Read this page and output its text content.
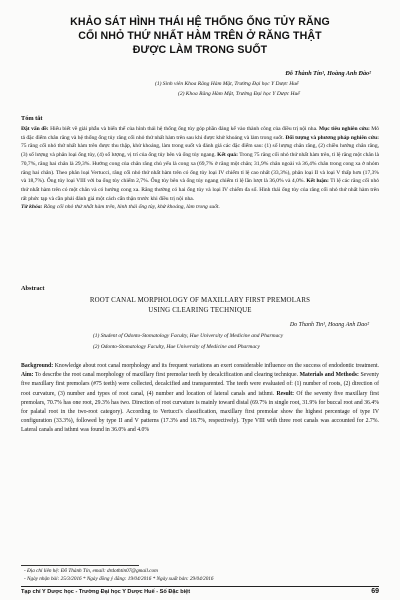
KHẢO SÁT HÌNH THÁI HỆ THỐNG ỐNG TỦY RĂNG
CỐI NHỎ THỨ NHẤT HÀM TRÊN Ở RĂNG THẬT
ĐƯỢC LÀM TRONG SUỐT
Đỗ Thành Tín¹, Hoàng Anh Đào²
(1) Sinh viên Khoa Răng Hàm Mặt, Trường Đại học Y Dược Huế
(2) Khoa Răng Hàm Mặt, Trường Đại học Y Dược Huế
Tóm tắt
Đặt vấn đề: Hiểu biết về giải phẫu và biến thể của hình thái hệ thống ống tủy góp phần đáng kể vào thành công của điều trị nội nha. Mục tiêu nghiên cứu: Mô tả đặc điểm chân răng và hệ thống ống tủy răng cối nhỏ thứ nhất hàm trên sau khi được khử khoáng và làm trong suốt. Đối tượng và phương pháp nghiên cứu: 75 răng cối nhỏ thứ nhất hàm trên được thu thập, khử khoáng, làm trong suốt và đánh giá các đặc điểm sau: (1) số lượng chân răng, (2) chiều hướng chân răng, (3) số lượng và phân loại ống tủy, (4) số lượng, vị trí của ống tủy bên và ống tủy ngang. Kết quả: Trong 75 răng cối nhỏ thứ nhất hàm trên, tỉ lệ răng một chân là 70,7%, răng hai chân là 29,3%. Hướng cong của chân răng chủ yếu là cong xa (69,7% ở răng một chân; 31,9% chân ngoài và 36,4% chân trong cong xa ở nhóm răng hai chân). Theo phân loại Vertucci, răng cối nhỏ thứ nhất hàm trên có ống tủy loại IV chiếm tỉ lệ cao nhất (33,3%), phân loại II và loại V thấp hơn (17,3% và 18,7%). Ống tủy loại VIII với ba ống tủy chiếm 2,7%. Ống tủy bên và ống tủy ngang chiếm tỉ lệ lần lượt là 36,0% và 4,0%. Kết luận: Tỉ lệ các răng cối nhỏ thứ nhất hàm trên có một chân và có hướng cong xa. Răng thường có hai ống tủy và loại IV chiếm đa số. Hình thái ống tủy của răng cối nhỏ thứ nhất hàm trên rất phức tạp và cần phải đánh giá một cách cẩn thận trước khi điều trị nội nha.
Từ khóa: Răng cối nhỏ thứ nhất hàm trên, hình thái ống tủy, khử khoáng, làm trong suốt.
Abstract
ROOT CANAL MORPHOLOGY OF MAXILLARY FIRST PREMOLARS
USING CLEARING TECHNIQUE
Do Thanh Tin¹, Hoang Anh Dao²
(1) Student of Odonto-Stomatology Faculty, Hue University of Medicine and Pharmacy
(2) Odonto-Stomatology Faculty, Hue University of Medicine and Pharmacy
Background: Knowledge about root canal morphology and its frequent variations an exert considerable influence on the success of endodontic treatment. Aim: To describe the root canal morphology of maxillary first premolar teeth by decalcification and clearing technique. Materials and Methods: Seventy five maxillary first premolars (#75 teeth) were collected, decalcified and transparented. The teeth were evaluated of: (1) number of roots, (2) direction of root curvature, (3) number and types of root canal, (4) number and location of lateral canals and isthmi. Result: Of the seventy five maxillary first premolars, 70.7% has one root, 29.3% has two. Direction of root curvature is mainly toward distal (69.7% in single root, 31.9% for buccal root and 36.4% for palatal root in the two-root category). According to Vertucci's classification, maxillary first premolar show the highest percentage of type IV configuration (33.3%), followed by type II and V patterns (17.3% and 18.7%, respectively). Type VIII with three root canals was accounted for 2.7%. Lateral canals and isthmi was found in 36.0% and 4.0%
- Địa chỉ liên hệ: Đỗ Thành Tín, email: drdothtin07@gmail.com
- Ngày nhận bài: 25/3/2016 * Ngày đồng ý đăng: 19/04/2016 * Ngày xuất bản: 29/04/2016
Tạp chí Y Dược học - Trường Đại học Y Dược Huế - Số Đặc biệt	69
